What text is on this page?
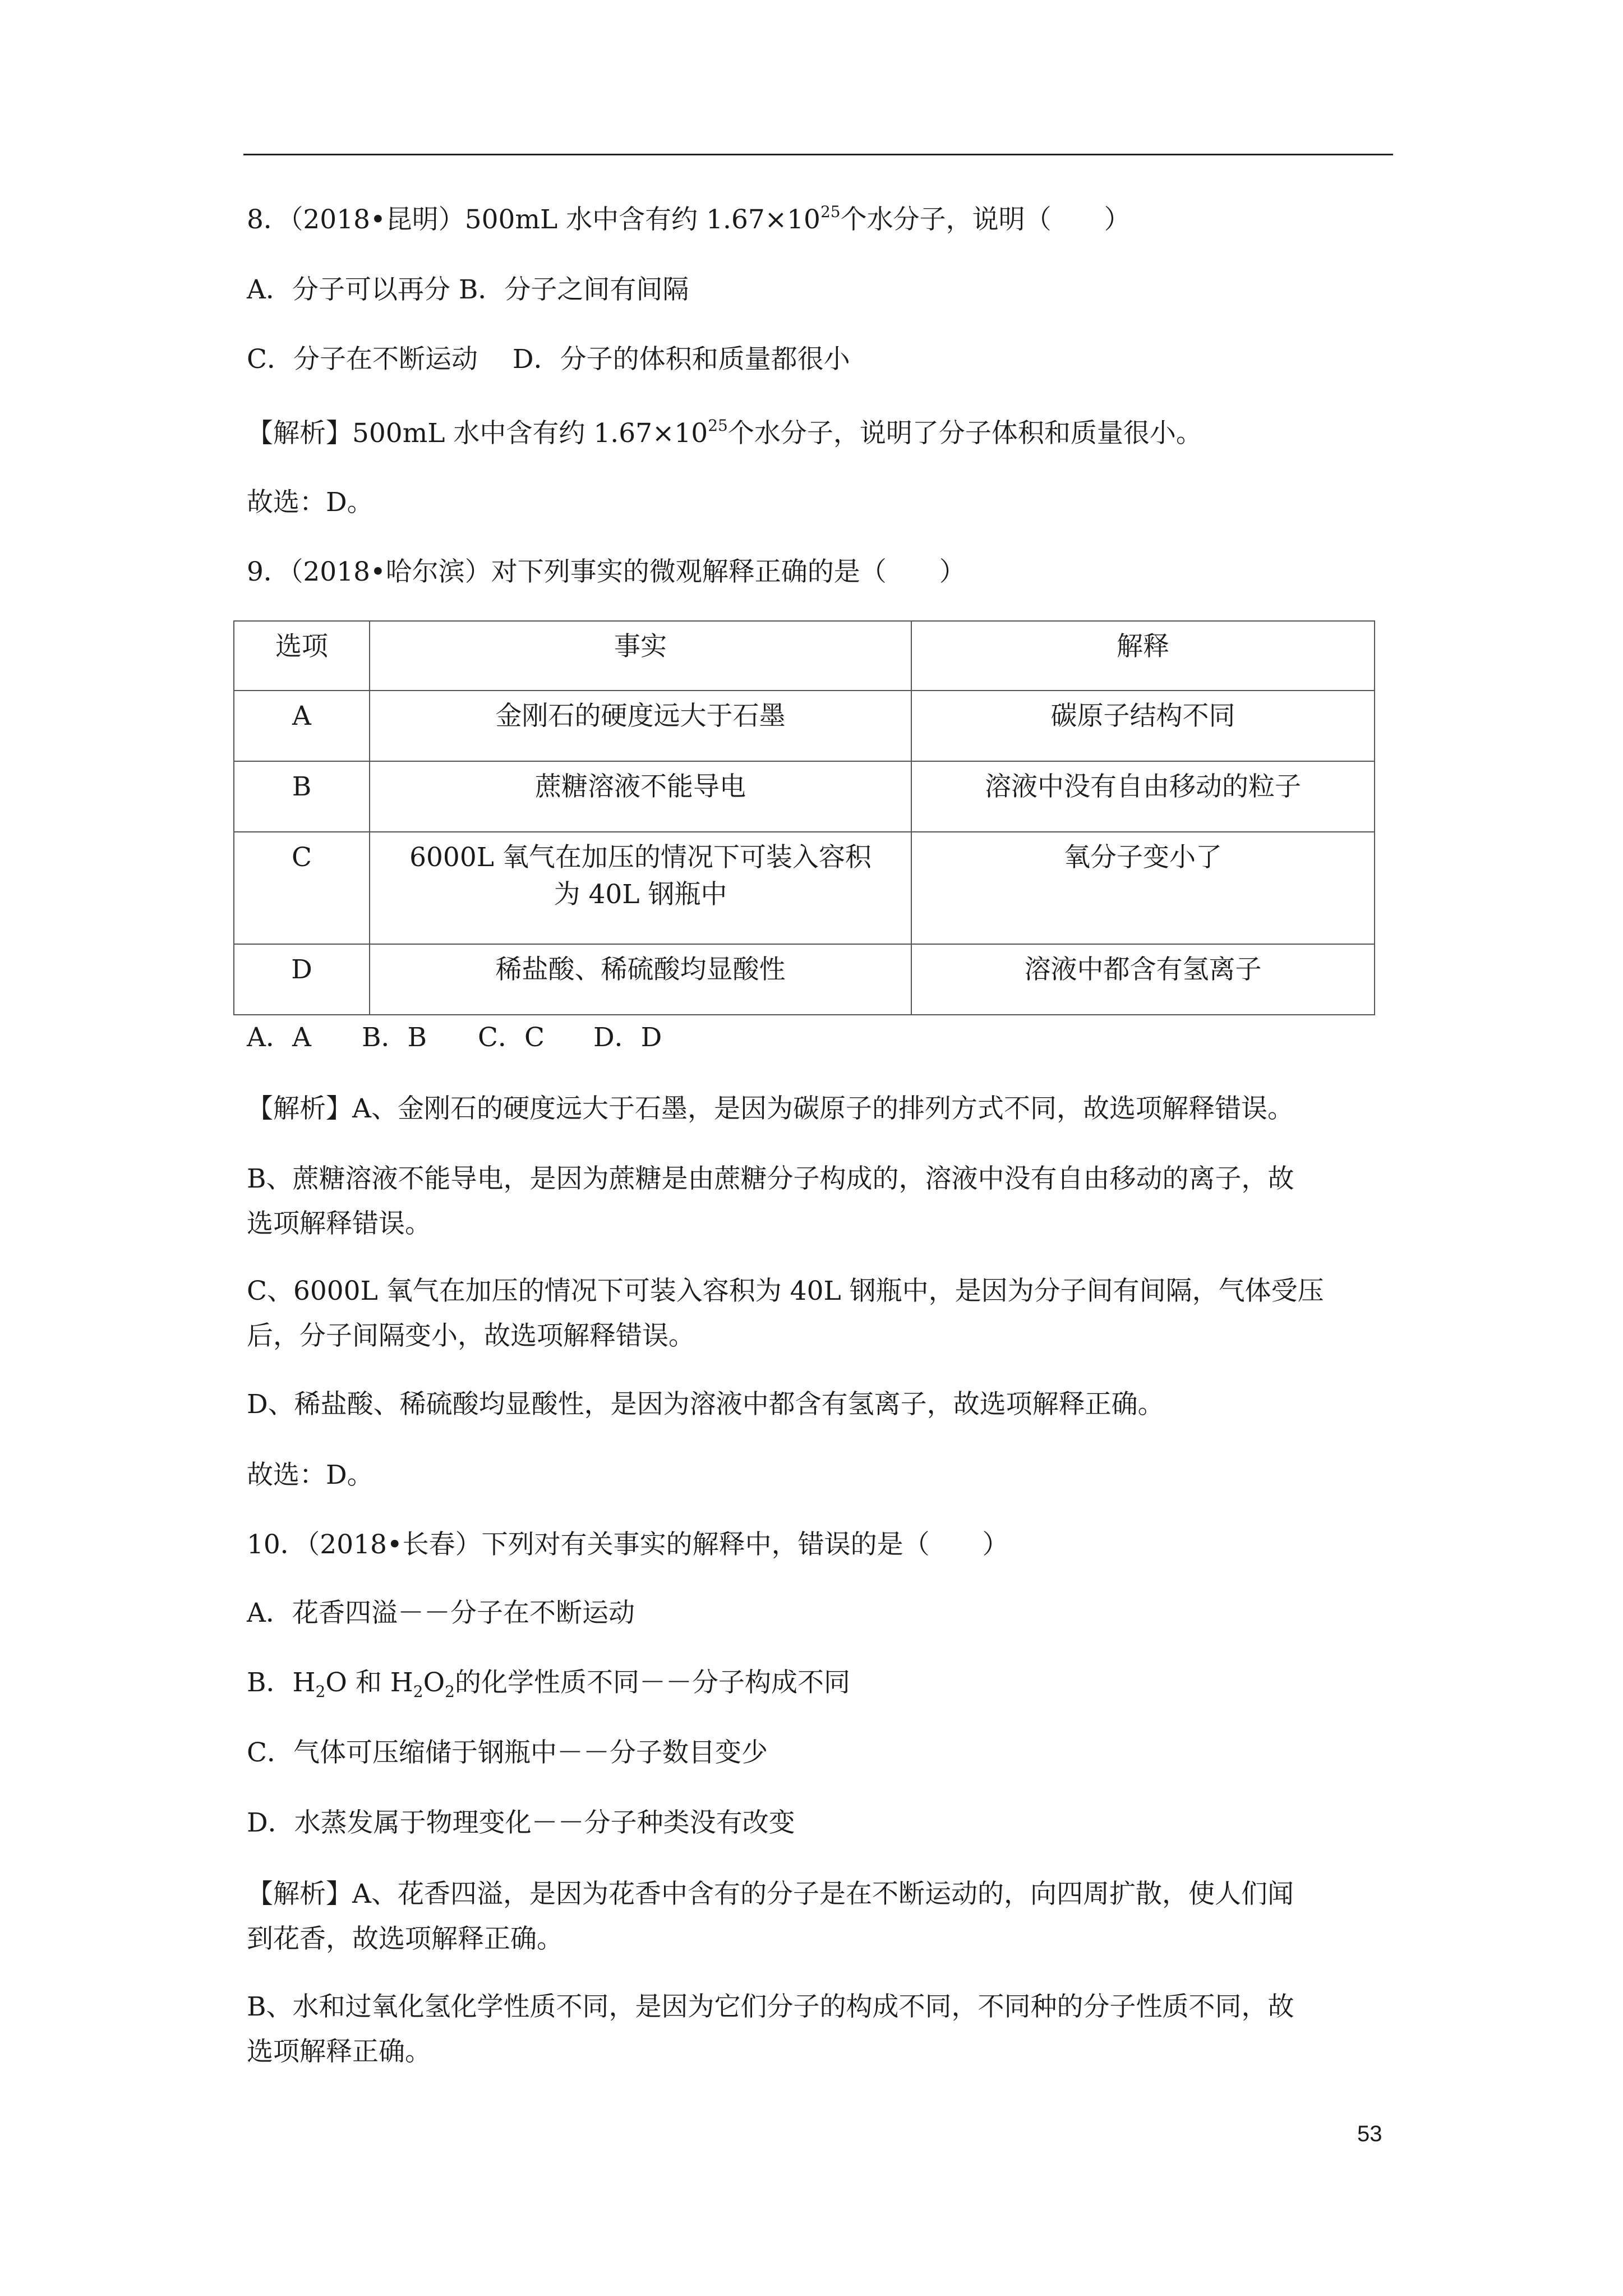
8．（2018•昆明）500mL 水中含有约 $1.67\times 10^{25}$个水分子，说明（　　）

A．分子可以再分 B．分子之间有间隔

C．分子在不断运动　 D．分子的体积和质量都很小

【解析】500mL 水中含有约 $1.67\times 10^{25}$个水分子，说明了分子体积和质量很小。

故选：D。

9．（2018•哈尔滨）对下列事实的微观解释正确的是（　　）

选项	事实	解释
A	金刚石的硬度远大于石墨	碳原子结构不同
B	蔗糖溶液不能导电	溶液中没有自由移动的粒子
C	6000L 氧气在加压的情况下可装入容积
为 40L 钢瓶中	氧分子变小了
D	稀盐酸、稀硫酸均显酸性	溶液中都含有氢离子

A．A B．B C．C D．D

【解析】A、金刚石的硬度远大于石墨，是因为碳原子的排列方式不同，故选项解释错误。

B、蔗糖溶液不能导电，是因为蔗糖是由蔗糖分子构成的，溶液中没有自由移动的离子，故

选项解释错误。

C、6000L 氧气在加压的情况下可装入容积为 40L 钢瓶中，是因为分子间有间隔，气体受压

后，分子间隔变小，故选项解释错误。

D、稀盐酸、稀硫酸均显酸性，是因为溶液中都含有氢离子，故选项解释正确。

故选：D。

10．（2018•长春）下列对有关事实的解释中，错误的是（　　）

A．花香四溢－－分子在不断运动

B．$H_2O$ 和 $H_2O_2$的化学性质不同－－分子构成不同

C．气体可压缩储于钢瓶中－－分子数目变少

D．水蒸发属于物理变化－－分子种类没有改变

【解析】A、花香四溢，是因为花香中含有的分子是在不断运动的，向四周扩散，使人们闻

到花香，故选项解释正确。

B、水和过氧化氢化学性质不同，是因为它们分子的构成不同，不同种的分子性质不同，故

选项解释正确。

53
